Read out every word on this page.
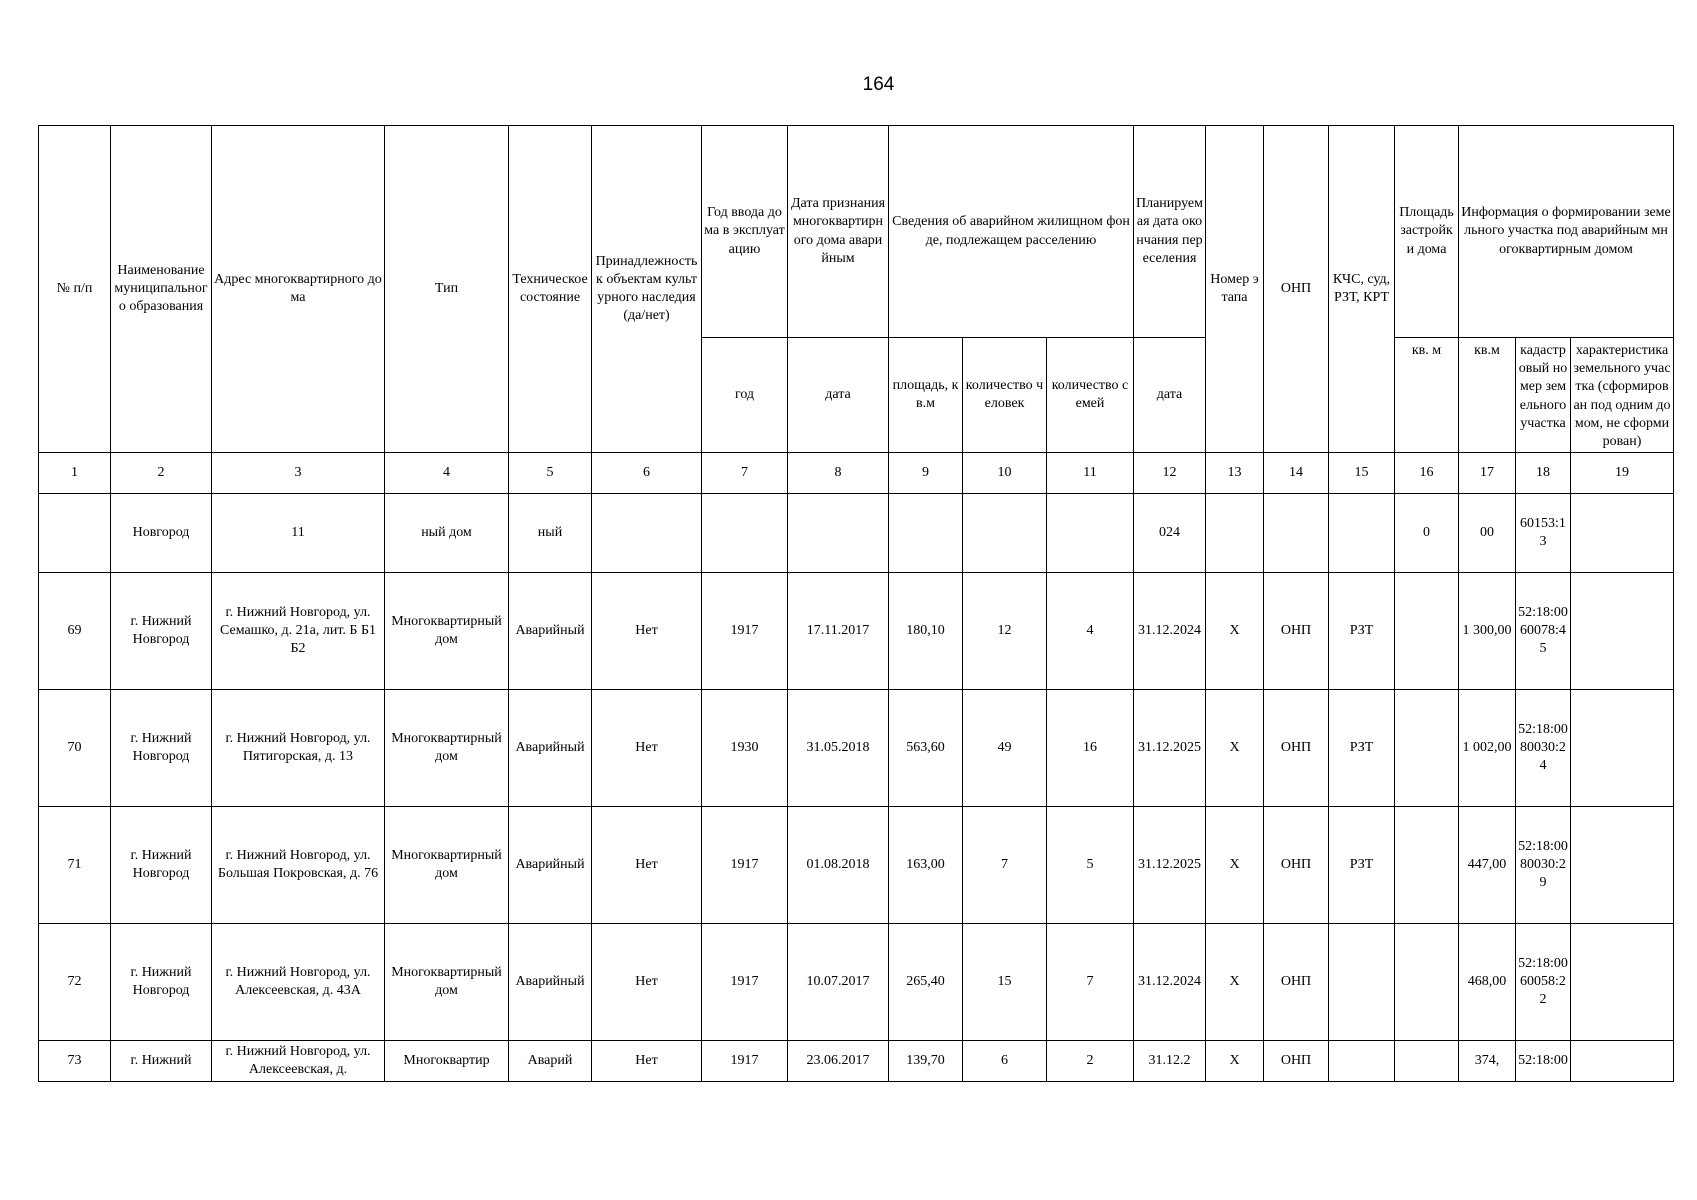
164
№ п/п	Наименование муниципального образования	Адрес многоквартирного дома	Тип	Техническое состояние	Принадлежность к объектам культурного наследия (да/нет)	Год ввода дома в эксплуатацию	Дата признания многоквартирного дома аварийным	Сведения об аварийном жилищном фонде, подлежащем расселению			Планируемая дата окончания переселения	Номер этапа	ОНП	КЧС, суд, РЗТ, КРТ	Площадь застройки дома	Информация о формировании земельного участка под аварийным многоквартирным домом		
						год	дата	площадь, кв.м	количество человек	количество семей	дата				кв. м	кв.м	кадастровый номер земельного участка	характеристика земельного участка (сформирован под одним домом, не сформирован)
1	2	3	4	5	6	7	8	9	10	11	12	13	14	15	16	17	18	19
	Новгород	11	ный дом	ный							024				0	00	60153:13	
69	г. Нижний Новгород	г. Нижний Новгород, ул. Семашко, д. 21а, лит. Б Б1 Б2	Многоквартирный дом	Аварийный	Нет	1917	17.11.2017	180,10	12	4	31.12.2024	Х	ОНП	РЗТ		1 300,00	52:18:0060078:45	
70	г. Нижний Новгород	г. Нижний Новгород, ул. Пятигорская, д. 13	Многоквартирный дом	Аварийный	Нет	1930	31.05.2018	563,60	49	16	31.12.2025	Х	ОНП	РЗТ		1 002,00	52:18:0080030:24	
71	г. Нижний Новгород	г. Нижний Новгород, ул. Большая Покровская, д. 76	Многоквартирный дом	Аварийный	Нет	1917	01.08.2018	163,00	7	5	31.12.2025	Х	ОНП	РЗТ		447,00	52:18:0080030:29	
72	г. Нижний Новгород	г. Нижний Новгород, ул. Алексеевская, д. 43А	Многоквартирный дом	Аварийный	Нет	1917	10.07.2017	265,40	15	7	31.12.2024	Х	ОНП			468,00	52:18:0060058:22	
73	г. Нижний	г. Нижний Новгород, ул. Алексеевская, д.	Многоквартир	Аварий	Нет	1917	23.06.2017	139,70	6	2	31.12.2	Х	ОНП			374,	52:18:00	
